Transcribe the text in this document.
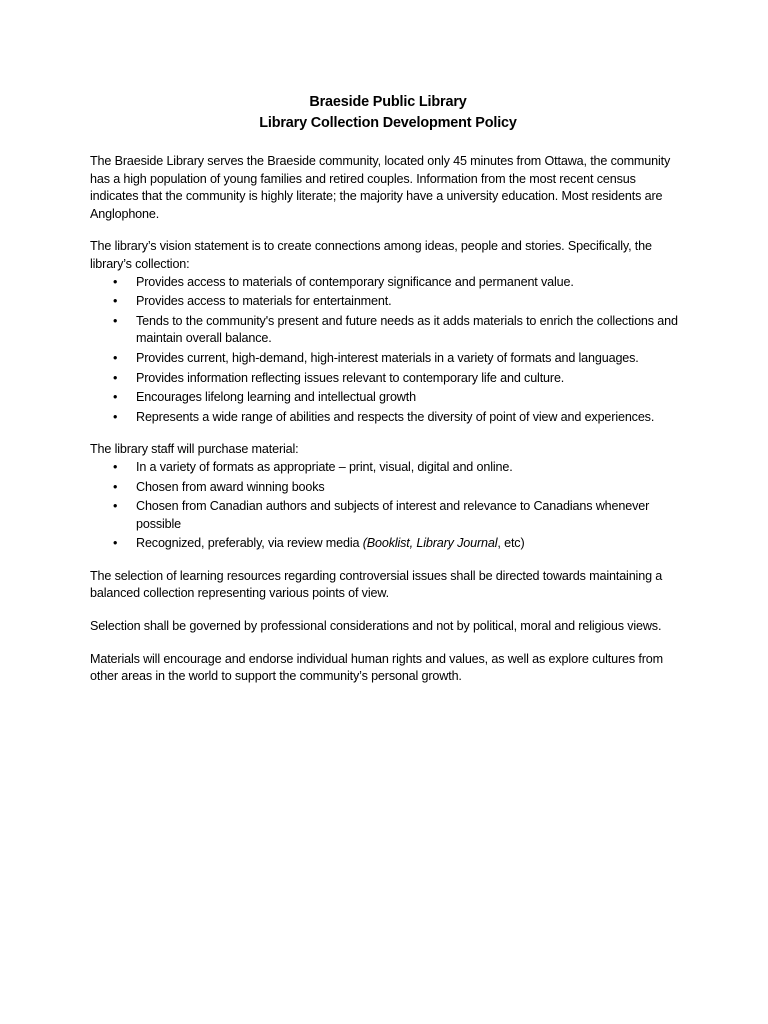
Braeside Public Library
Library Collection Development Policy

The Braeside Library serves the Braeside community, located only 45 minutes from Ottawa, the community has a high population of young families and retired couples. Information from the most recent census indicates that the community is highly literate; the majority have a university education. Most residents are Anglophone.

The library’s vision statement is to create connections among ideas, people and stories. Specifically, the library’s collection:
• Provides access to materials of contemporary significance and permanent value.
• Provides access to materials for entertainment.
• Tends to the community's present and future needs as it adds materials to enrich the collections and maintain overall balance.
• Provides current, high-demand, high-interest materials in a variety of formats and languages.
• Provides information reflecting issues relevant to contemporary life and culture.
• Encourages lifelong learning and intellectual growth
• Represents a wide range of abilities and respects the diversity of point of view and experiences.
The library staff will purchase material:
• In a variety of formats as appropriate – print, visual, digital and online.
• Chosen from award winning books
• Chosen from Canadian authors and subjects of interest and relevance to Canadians whenever possible
• Recognized, preferably, via review media (Booklist, Library Journal, etc)

The selection of learning resources regarding controversial issues shall be directed towards maintaining a balanced collection representing various points of view.

Selection shall be governed by professional considerations and not by political, moral and religious views.

Materials will encourage and endorse individual human rights and values, as well as explore cultures from other areas in the world to support the community’s personal growth.
